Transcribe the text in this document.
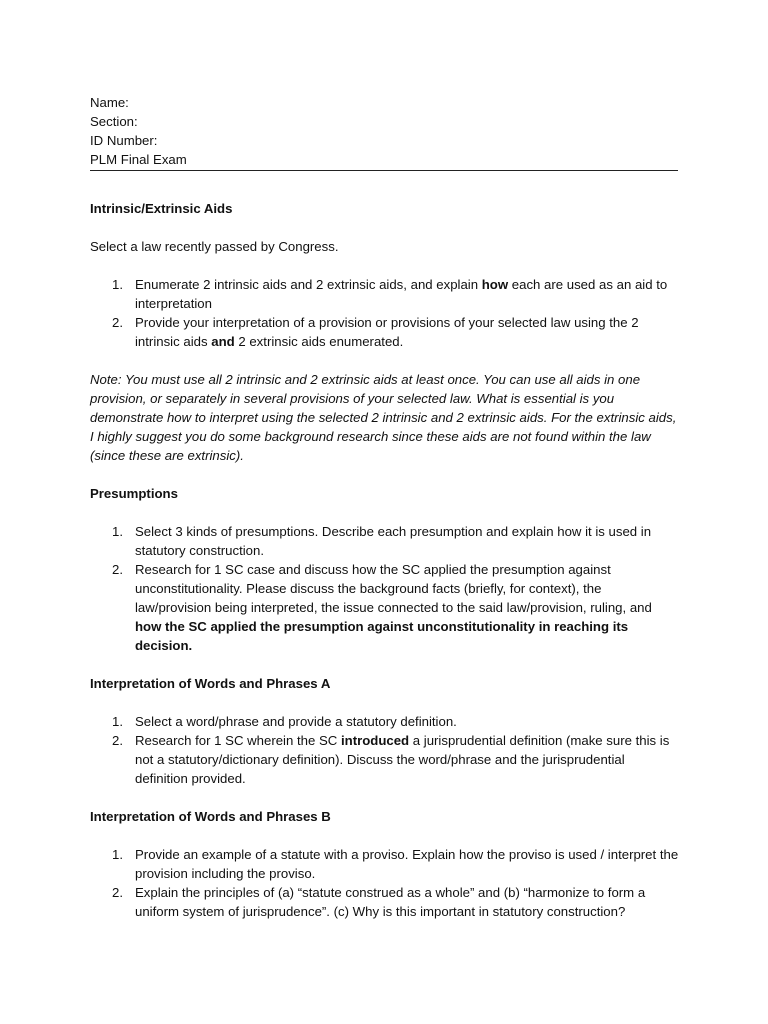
Name:
Section:
ID Number:
PLM Final Exam
Intrinsic/Extrinsic Aids

Select a law recently passed by Congress.

1. Enumerate 2 intrinsic aids and 2 extrinsic aids, and explain how each are used as an aid to interpretation
2. Provide your interpretation of a provision or provisions of your selected law using the 2 intrinsic aids and 2 extrinsic aids enumerated.

Note: You must use all 2 intrinsic and 2 extrinsic aids at least once. You can use all aids in one provision, or separately in several provisions of your selected law. What is essential is you demonstrate how to interpret using the selected 2 intrinsic and 2 extrinsic aids. For the extrinsic aids, I highly suggest you do some background research since these aids are not found within the law (since these are extrinsic).

Presumptions
1. Select 3 kinds of presumptions. Describe each presumption and explain how it is used in statutory construction.
2. Research for 1 SC case and discuss how the SC applied the presumption against unconstitutionality. Please discuss the background facts (briefly, for context), the law/provision being interpreted, the issue connected to the said law/provision, ruling, and how the SC applied the presumption against unconstitutionality in reaching its decision.
Interpretation of Words and Phrases A
1. Select a word/phrase and provide a statutory definition.
2. Research for 1 SC wherein the SC introduced a jurisprudential definition (make sure this is not a statutory/dictionary definition). Discuss the word/phrase and the jurisprudential definition provided.
Interpretation of Words and Phrases B
1. Provide an example of a statute with a proviso. Explain how the proviso is used / interpret the provision including the proviso.
2. Explain the principles of (a) “statute construed as a whole” and (b) “harmonize to form a uniform system of jurisprudence”. (c) Why is this important in statutory construction?
